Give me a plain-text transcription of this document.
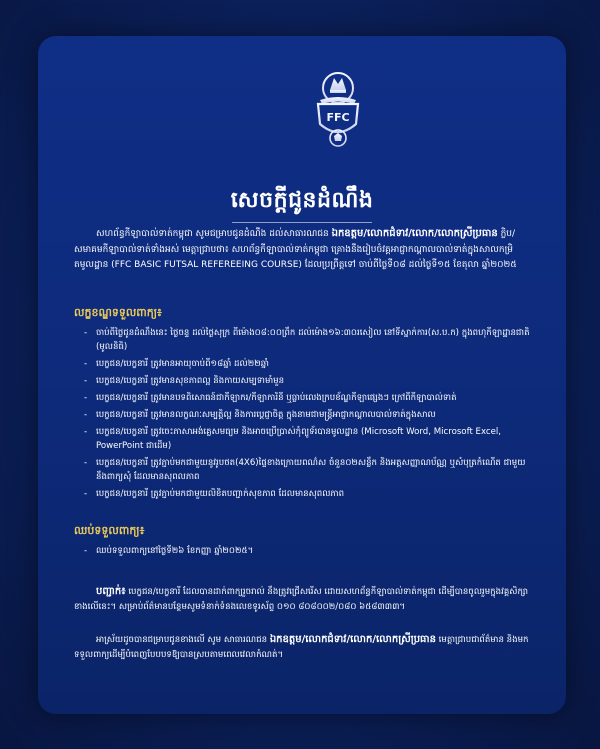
FFC
សេចក្ដីជូនដំណឹង
សហព័ន្ធកីឡាបាល់ទាត់កម្ពុជា សូមជម្រាបជូនដំណឹង ដល់សាធារណជន ឯកឧត្តម/លោកជំទាវ/លោក/លោកស្រីប្រធាន ក្លិប/សមាគមកីឡាបាល់ទាត់ទាំងអស់ មេត្តាជ្រាបថា៖ សហព័ន្ធកីឡាបាល់ទាត់កម្ពុជា គ្រោងនឹងរៀបចំវគ្គអាជ្ញាកណ្ដាលបាល់ទាត់ក្នុងសាលកម្រិតមូលដ្ឋាន (FFC BASIC FUTSAL REFEREEING COURSE) ដែលប្រព្រឹត្តទៅ ចាប់ពីថ្ងៃទី០៨ ដល់ថ្ងៃទី១៥ ខែតុលា ឆ្នាំ២០២៥
លក្ខខណ្ឌទទួលពាក្យ៖
- ចាប់ពីថ្ងៃជូនដំណឹងនេះ ថ្ងៃចន្ទ ដល់ថ្ងៃសុក្រ ពីម៉ោង០៨:០០ព្រឹក ដល់ម៉ោង១៦:៣០រសៀល នៅទីស្នាក់ការ(ស.ប.ក) ក្នុងពហុកីឡាដ្ឋានជាតិ (មូលនិធិ)
- បេក្ខជន/បេក្ខនារី ត្រូវមានអាយុចាប់ពី១៨ឆ្នាំ ដល់២២ឆ្នាំ
- បេក្ខជន/បេក្ខនារី ត្រូវមានសុខភាពល្អ និងកាយសម្បទាមាំមួន
- បេក្ខជន/បេក្ខនារី ត្រូវមានបទពិសោធន៍ជាកីឡាករ/កីឡាការិនី ឬធ្លាប់លេងក្របខ័ណ្ឌកីឡាផ្សេងៗ ក្រៅពីកីឡាបាល់ទាត់
- បេក្ខជន/បេក្ខនារី ត្រូវមានលក្ខណៈសម្បត្តិល្អ និងការប្ដេជ្ញាចិត្ត ក្នុងនាមជាមន្ត្រីអាជ្ញាកណ្ដាលបាល់ទាត់ក្នុងសាល
- បេក្ខជន/បេក្ខនារី ត្រូវចេះភាសាអង់គ្លេសមធ្យម និងអាចប្រើប្រាស់កុំព្យូទ័របានមូលដ្ឋាន (Microsoft Word, Microsoft Excel, PowerPoint ជាដើម)
- បេក្ខជន/បេក្ខនារី ត្រូវភ្ជាប់មកជាមួយនូវរូបថត(4X6)ផ្ទៃខាងក្រោយពណ៌ស ចំនួន០២សន្លឹក និងអត្តសញ្ញាណប័ណ្ណ ឬសំបុត្រកំណើត ជាមួយនឹងពាក្យសុំ ដែលមានសុពលភាព
- បេក្ខជន/បេក្ខនារី ត្រូវភ្ជាប់មកជាមួយលិខិតបញ្ជាក់សុខភាព ដែលមានសុពលភាព
ឈប់ទទួលពាក្យ៖
- ឈប់ទទួលពាក្យនៅថ្ងៃទី២៦ ខែកញ្ញា ឆ្នាំ២០២៥។
បញ្ជាក់៖ បេក្ខជន/បេក្ខនារី ដែលបានដាក់ពាក្យរួចរាល់ នឹងត្រូវជ្រើសរើស ដោយសហព័ន្ធកីឡាបាល់ទាត់កម្ពុជា ដើម្បីបានចូលរួមក្នុងវគ្គសិក្សាខាងលើនេះ។ សម្រាប់ព័ត៌មានបន្ថែមសូមទំនាក់ទំនងលេខទូរស័ព្ទ ០១០ ៨០៨០០២/០៨០ ៦៥៨៣៣៣។
អាស្រ័យដូចបានជម្រាបជូនខាងលើ សូម សាធារណជន ឯកឧត្តម/លោកជំទាវ/លោក/លោកស្រីប្រធាន មេត្តាជ្រាបជាព័ត៌មាន និងមកទទួលពាក្យដើម្បីបំពេញបែបបទឱ្យបានស្របតាមពេលវេលាកំណត់។
